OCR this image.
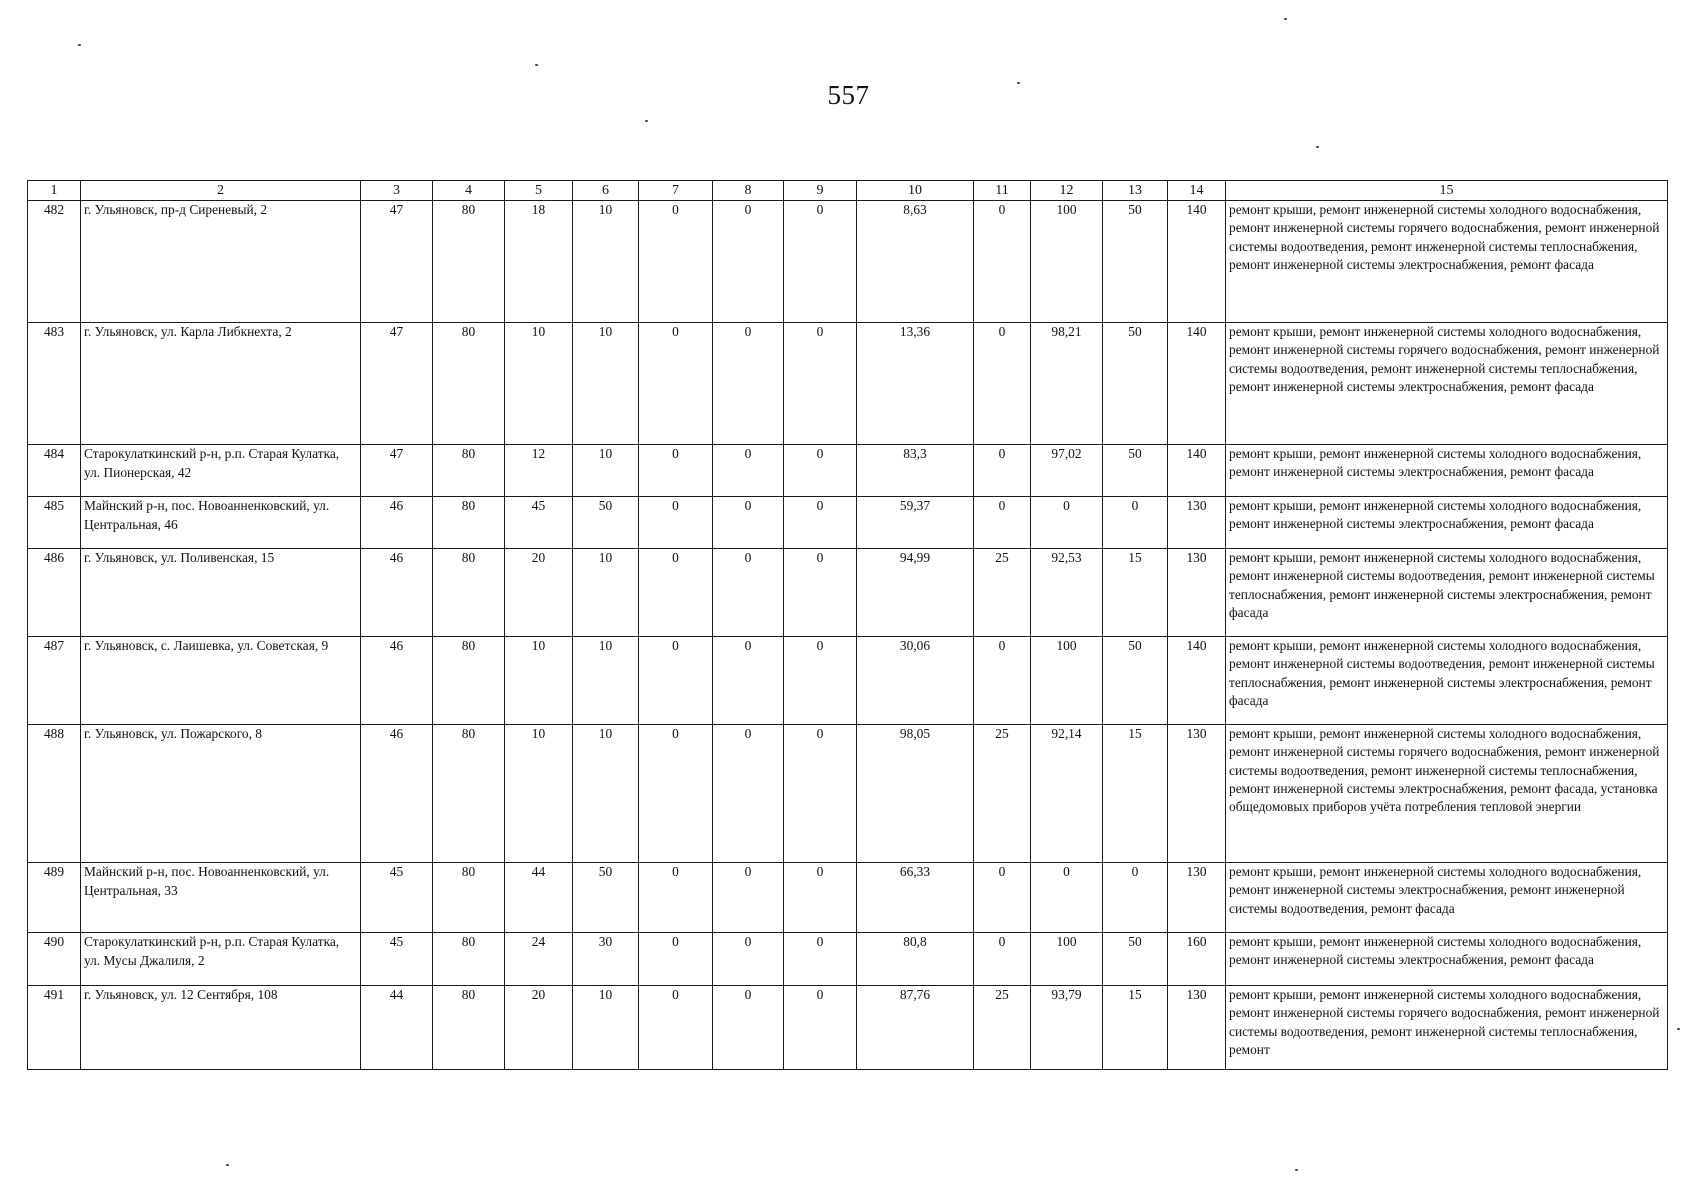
557
1	2	3	4	5	6	7	8	9	10	11	12	13	14	15
482	г. Ульяновск, пр-д Сиреневый, 2	47	80	18	10	0	0	0	8,63	0	100	50	140	ремонт крыши, ремонт инженерной системы холодного водоснабжения, ремонт инженерной системы горячего водоснабжения, ремонт инженерной системы водоотведения, ремонт инженерной системы теплоснабжения, ремонт инженерной системы электроснабжения, ремонт фасада
483	г. Ульяновск, ул. Карла Либкнехта, 2	47	80	10	10	0	0	0	13,36	0	98,21	50	140	ремонт крыши, ремонт инженерной системы холодного водоснабжения, ремонт инженерной системы горячего водоснабжения, ремонт инженерной системы водоотведения, ремонт инженерной системы теплоснабжения, ремонт инженерной системы электроснабжения, ремонт фасада
484	Старокулаткинский р-н, р.п. Старая Кулатка, ул. Пионерская, 42	47	80	12	10	0	0	0	83,3	0	97,02	50	140	ремонт крыши, ремонт инженерной системы холодного водоснабжения, ремонт инженерной системы электроснабжения, ремонт фасада
485	Майнский р-н, пос. Новоанненковский, ул. Центральная, 46	46	80	45	50	0	0	0	59,37	0	0	0	130	ремонт крыши, ремонт инженерной системы холодного водоснабжения, ремонт инженерной системы электроснабжения, ремонт фасада
486	г. Ульяновск, ул. Поливенская, 15	46	80	20	10	0	0	0	94,99	25	92,53	15	130	ремонт крыши, ремонт инженерной системы холодного водоснабжения, ремонт инженерной системы водоотведения, ремонт инженерной системы теплоснабжения, ремонт инженерной системы электроснабжения, ремонт фасада
487	г. Ульяновск, с. Лаишевка, ул. Советская, 9	46	80	10	10	0	0	0	30,06	0	100	50	140	ремонт крыши, ремонт инженерной системы холодного водоснабжения, ремонт инженерной системы водоотведения, ремонт инженерной системы теплоснабжения, ремонт инженерной системы электроснабжения, ремонт фасада
488	г. Ульяновск, ул. Пожарского, 8	46	80	10	10	0	0	0	98,05	25	92,14	15	130	ремонт крыши, ремонт инженерной системы холодного водоснабжения, ремонт инженерной системы горячего водоснабжения, ремонт инженерной системы водоотведения, ремонт инженерной системы теплоснабжения, ремонт инженерной системы электроснабжения, ремонт фасада, установка общедомовых приборов учёта потребления тепловой энергии
489	Майнский р-н, пос. Новоанненковский, ул. Центральная, 33	45	80	44	50	0	0	0	66,33	0	0	0	130	ремонт крыши, ремонт инженерной системы холодного водоснабжения, ремонт инженерной системы электроснабжения, ремонт инженерной системы водоотведения, ремонт фасада
490	Старокулаткинский р-н, р.п. Старая Кулатка, ул. Мусы Джалиля, 2	45	80	24	30	0	0	0	80,8	0	100	50	160	ремонт крыши, ремонт инженерной системы холодного водоснабжения, ремонт инженерной системы электроснабжения, ремонт фасада
491	г. Ульяновск, ул. 12 Сентября, 108	44	80	20	10	0	0	0	87,76	25	93,79	15	130	ремонт крыши, ремонт инженерной системы холодного водоснабжения, ремонт инженерной системы горячего водоснабжения, ремонт инженерной системы водоотведения, ремонт инженерной системы теплоснабжения, ремонт
